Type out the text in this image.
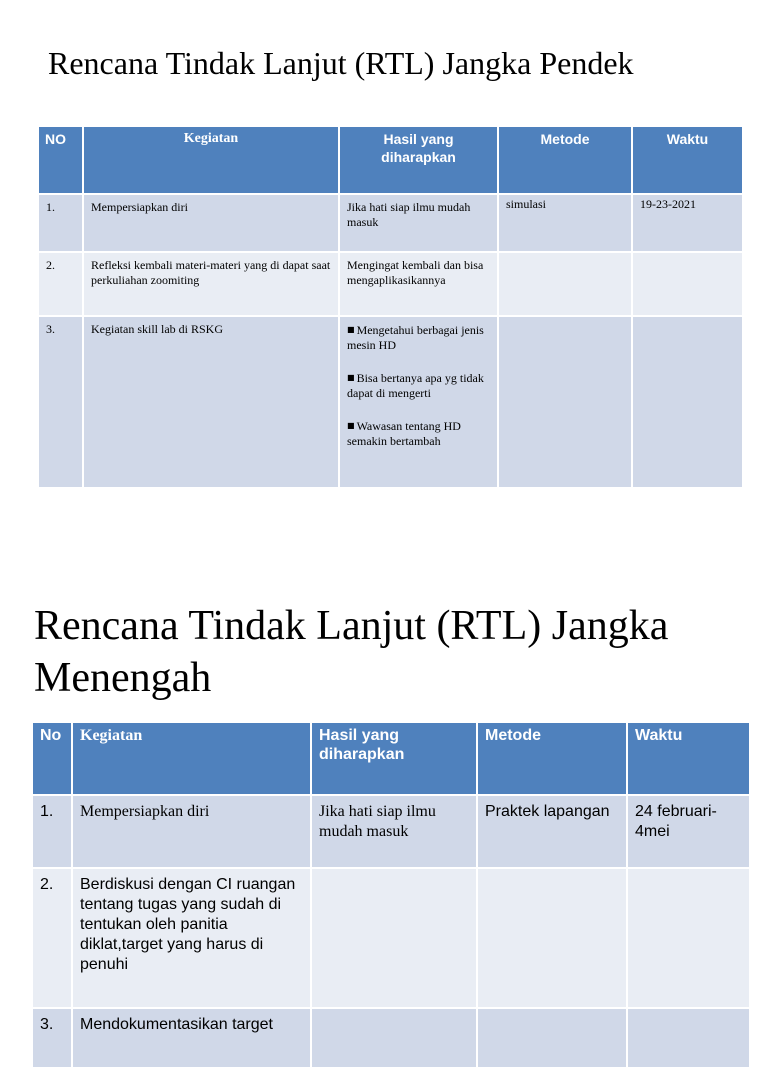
Rencana Tindak Lanjut (RTL) Jangka Pendek
NO	Kegiatan	Hasil yang diharapkan	Metode	Waktu
1.	Mempersiapkan diri	Jika hati siap ilmu mudah masuk	simulasi	19-23-2021
2.	Refleksi kembali materi-materi yang di dapat saat perkuliahan zoomiting	Mengingat kembali dan bisa mengaplikasikannya		
3.	Kegiatan skill lab di RSKG	■ Mengetahui berbagai jenis mesin HD
■ Bisa bertanya apa yg tidak dapat di mengerti
■ Wawasan tentang HD semakin bertambah		

Rencana Tindak Lanjut (RTL) Jangka Menengah
No	Kegiatan	Hasil yang diharapkan	Metode	Waktu
1.	Mempersiapkan diri	Jika hati siap ilmu mudah masuk	Praktek lapangan	24 februari-4mei
2.	Berdiskusi dengan CI ruangan tentang tugas yang sudah di tentukan oleh panitia diklat,target yang harus di penuhi			
3.	Mendokumentasikan target			
